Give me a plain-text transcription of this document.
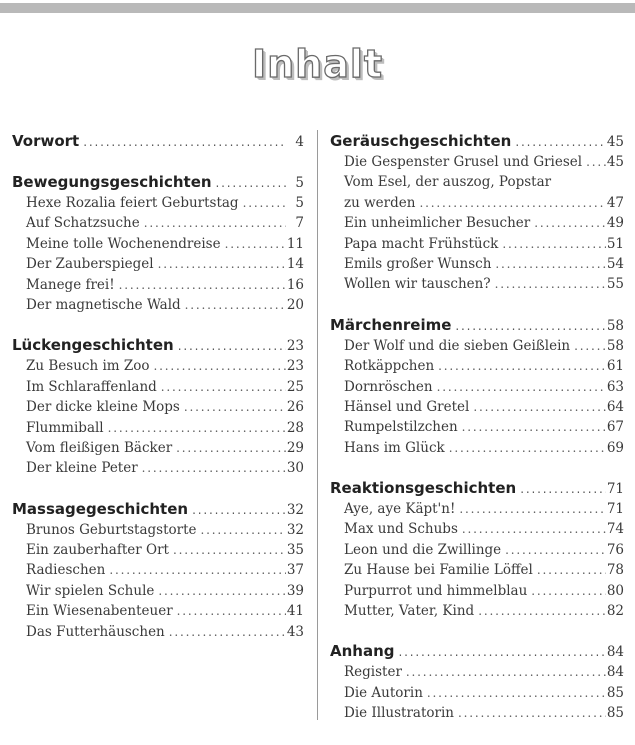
Inhalt
Vorwort . . .	4
Bewegungsgeschichten . . .	5
Hexe Rozalia feiert Geburtstag . . .	5
Auf Schatzsuche . . .	7
Meine tolle Wochenendreise . . .	11
Der Zauberspiegel . . .	14
Manege frei! . . .	16
Der magnetische Wald . . .	20
Lückengeschichten . . .	23
Zu Besuch im Zoo . . .	23
Im Schlaraffenland . . .	25
Der dicke kleine Mops . . .	26
Flummiball . . .	28
Vom fleißigen Bäcker . . .	29
Der kleine Peter . . .	30
Massagegeschichten . . .	32
Brunos Geburtstagstorte . . .	32
Ein zauberhafter Ort . . .	35
Radieschen . . .	37
Wir spielen Schule . . .	39
Ein Wiesenabenteuer . . .	41
Das Futterhäuschen . . .	43
Geräuschgeschichten . . .	45
Die Gespenster Grusel und Griesel . . . 45
Vom Esel, der auszog, Popstar
zu werden . . .	47
Ein unheimlicher Besucher . . .	49
Papa macht Frühstück . . .	51
Emils großer Wunsch . . .	54
Wollen wir tauschen? . . .	55
Märchenreime . . .	58
Der Wolf und die sieben Geißlein . . .	58
Rotkäppchen . . .	61
Dornröschen . . .	63
Hänsel und Gretel . . .	64
Rumpelstilzchen . . .	67
Hans im Glück . . .	69
Reaktionsgeschichten . . .	71
Aye, aye Käpt'n! . . .	71
Max und Schubs . . .	74
Leon und die Zwillinge . . .	76
Zu Hause bei Familie Löffel . . .	78
Purpurrot und himmelblau . . .	80
Mutter, Vater, Kind . . .	82
Anhang . . .	84
Register . . .	84
Die Autorin . . .	85
Die Illustratorin . . .	85
